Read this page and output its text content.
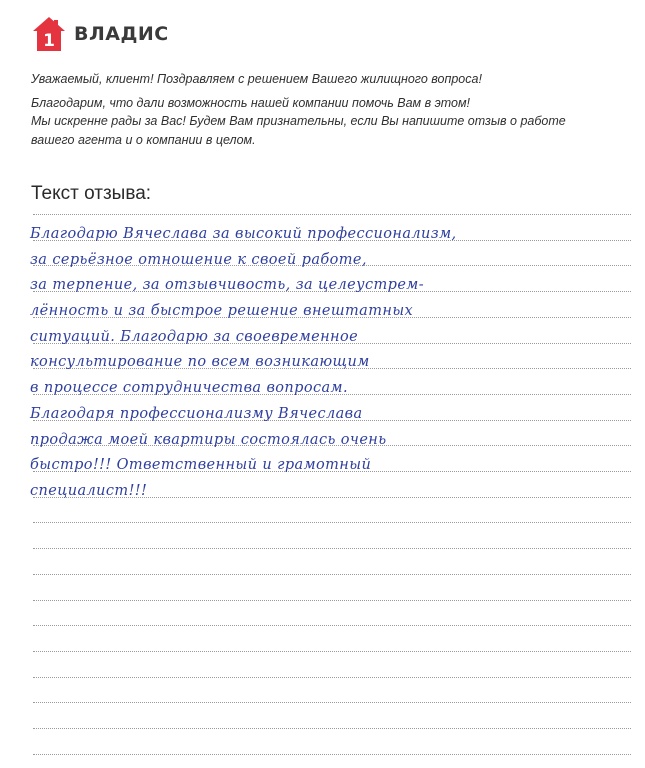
1 ВЛАДИС

Уважаемый, клиент! Поздравляем с решением Вашего жилищного вопроса!

Благодарим, что дали возможность нашей компании помочь Вам в этом!
Мы искренне рады за Вас! Будем Вам признательны, если Вы напишите отзыв о работе
вашего агента и о компании в целом.

Текст отзыва:
Благодарю Вячеслава за высокий профессионализм,
за серьёзное отношение к своей работе,
за терпение, за отзывчивость, за целеустрем-
лённость и за быстрое решение внештатных
ситуаций. Благодарю за своевременное
консультирование по всем возникающим
в процессе сотрудничества вопросам.
Благодаря профессионализму Вячеслава
продажа моей квартиры состоялась очень
быстро!!! Ответственный и грамотный
специалист!!!
